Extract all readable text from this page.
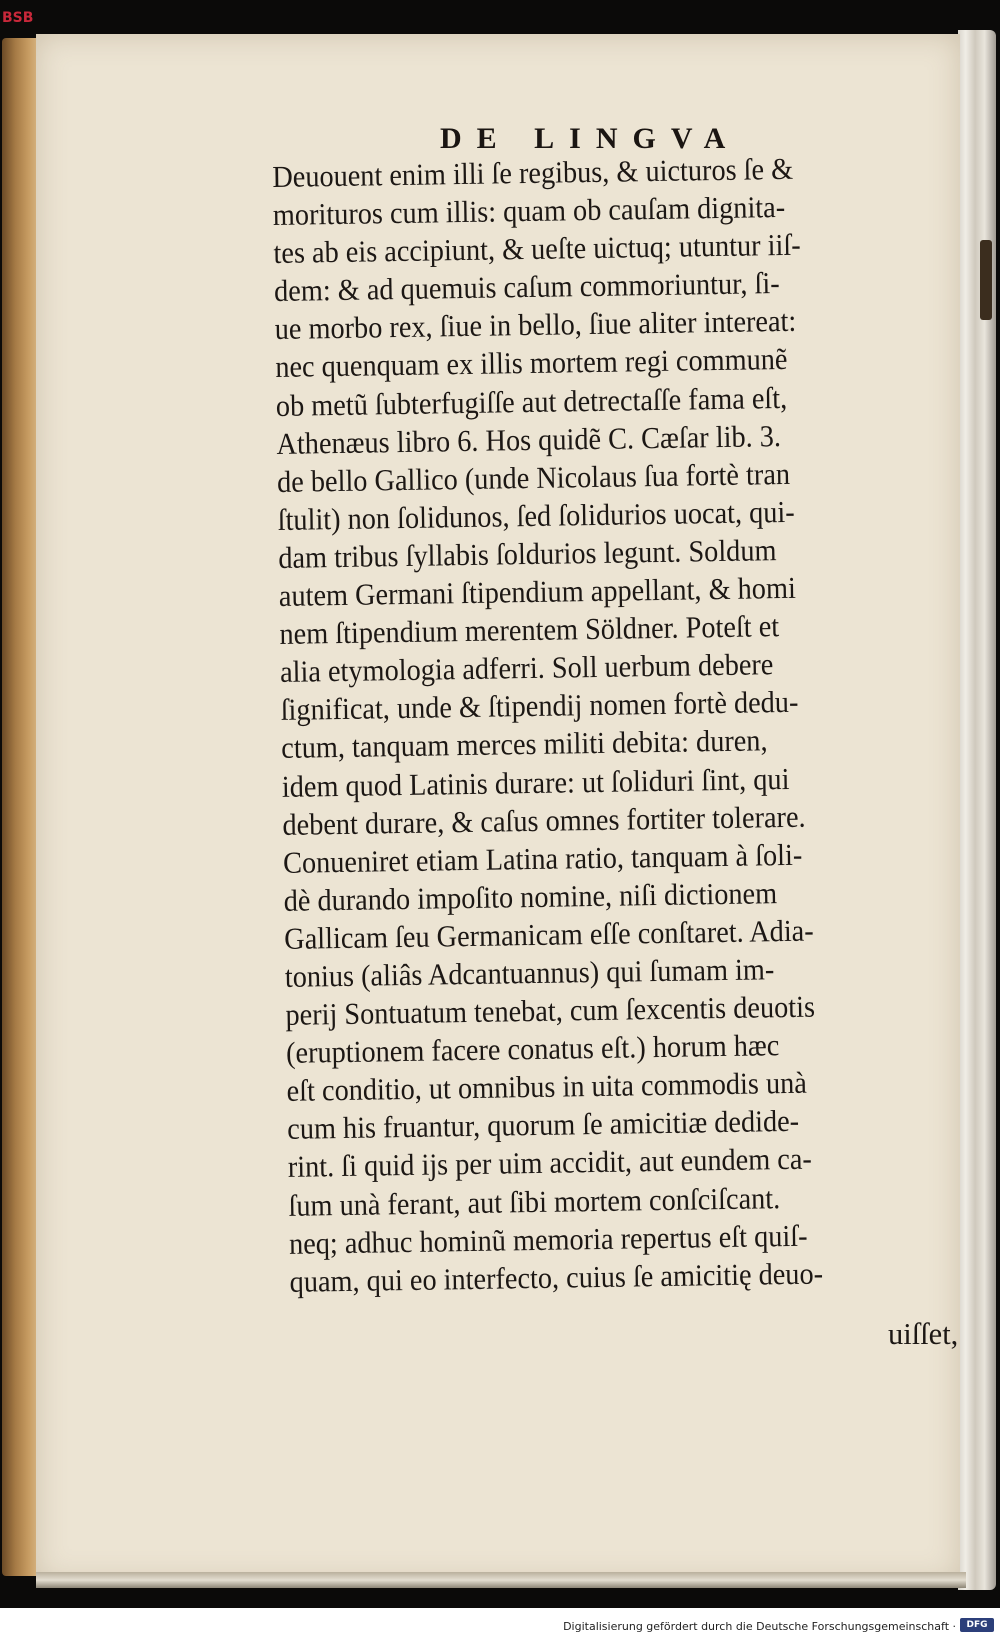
BSB
DE LINGVA
Deuouent enim illi ſe regibus, & uicturos ſe &
morituros cum illis: quam ob cauſam dignita-
tes ab eis accipiunt, & ueſte uictuq; utuntur iiſ-
dem: & ad quemuis caſum commoriuntur, ſi-
ue morbo rex, ſiue in bello, ſiue aliter intereat:
nec quenquam ex illis mortem regi communẽ
ob metũ ſubterfugiſſe aut detrectaſſe fama eſt,
Athenæus libro 6. Hos quidẽ C. Cæſar lib. 3.
de bello Gallico (unde Nicolaus ſua fortè tran
ſtulit) non ſolidunos, ſed ſolidurios uocat, qui-
dam tribus ſyllabis ſoldurios legunt. Soldum
autem Germani ſtipendium appellant, & homi
nem ſtipendium merentem Söldner. Poteſt et
alia etymologia adferri. Soll uerbum debere
ſignificat, unde & ſtipendij nomen fortè dedu-
ctum, tanquam merces militi debita: duren,
idem quod Latinis durare: ut ſoliduri ſint, qui
debent durare, & caſus omnes fortiter tolerare.
Conueniret etiam Latina ratio, tanquam à ſoli-
dè durando impoſito nomine, niſi dictionem
Gallicam ſeu Germanicam eſſe conſtaret. Adia-
tonius (aliâs Adcantuannus) qui ſumam im-
perij Sontuatum tenebat, cum ſexcentis deuotis
(eruptionem facere conatus eſt.) horum hæc
eſt conditio, ut omnibus in uita commodis unà
cum his fruantur, quorum ſe amicitiæ dedide-
rint. ſi quid ijs per uim accidit, aut eundem ca-
ſum unà ferant, aut ſibi mortem conſciſcant.
neq; adhuc hominũ memoria repertus eſt quiſ-
quam, qui eo interfecto, cuius ſe amicitię deuo-
uiſſet,
Digitalisierung gefördert durch die Deutsche Forschungsgemeinschaft ·	DFG
